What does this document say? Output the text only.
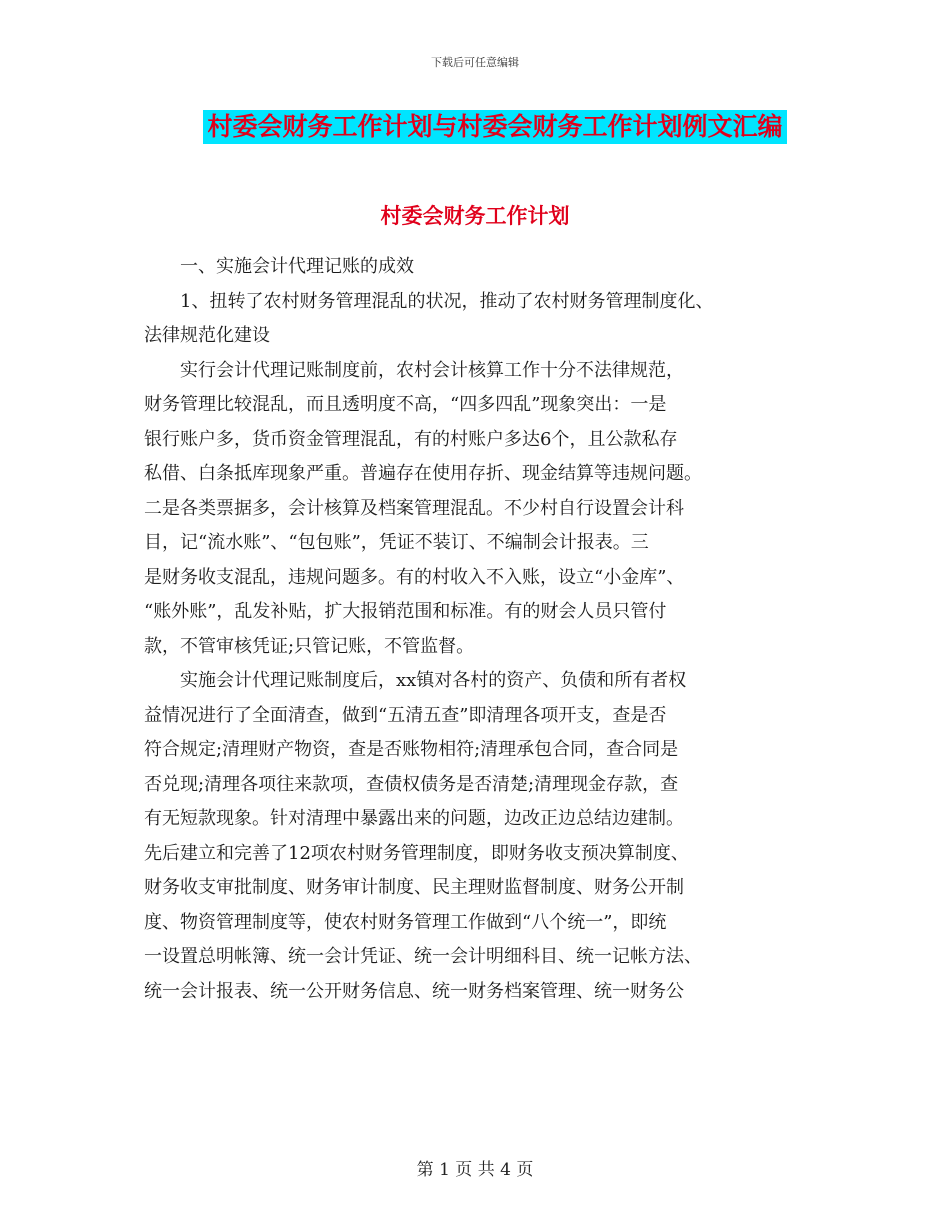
下载后可任意编辑
村委会财务工作计划与村委会财务工作计划例文汇编
村委会财务工作计划

　　一、实施会计代理记账的成效

　　1、扭转了农村财务管理混乱的状况，推动了农村财务管理制度化、

法律规范化建设

　　实行会计代理记账制度前，农村会计核算工作十分不法律规范，

财务管理比较混乱，而且透明度不高，“四多四乱”现象突出：一是

银行账户多，货币资金管理混乱，有的村账户多达6个，且公款私存

私借、白条抵库现象严重。普遍存在使用存折、现金结算等违规问题。

二是各类票据多，会计核算及档案管理混乱。不少村自行设置会计科

目，记“流水账”、“包包账”，凭证不装订、不编制会计报表。三

是财务收支混乱，违规问题多。有的村收入不入账，设立“小金库”、

“账外账”，乱发补贴，扩大报销范围和标准。有的财会人员只管付

款，不管审核凭证;只管记账，不管监督。

　　实施会计代理记账制度后，xx镇对各村的资产、负债和所有者权

益情况进行了全面清查，做到“五清五查”即清理各项开支，查是否

符合规定;清理财产物资，查是否账物相符;清理承包合同，查合同是

否兑现;清理各项往来款项，查债权债务是否清楚;清理现金存款，查

有无短款现象。针对清理中暴露出来的问题，边改正边总结边建制。

先后建立和完善了12项农村财务管理制度，即财务收支预决算制度、

财务收支审批制度、财务审计制度、民主理财监督制度、财务公开制

度、物资管理制度等，使农村财务管理工作做到“八个统一”，即统

一设置总明帐簿、统一会计凭证、统一会计明细科目、统一记帐方法、

统一会计报表、统一公开财务信息、统一财务档案管理、统一财务公

第 1 页 共 4 页
